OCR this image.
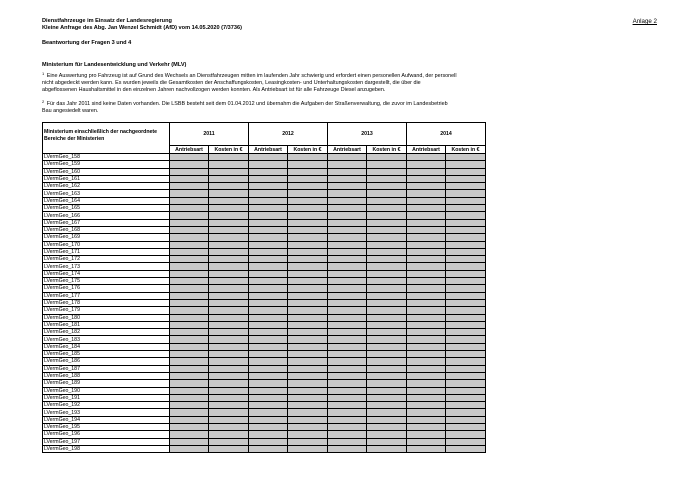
Dienstfahrzeuge im Einsatz der Landesregierung
Kleine Anfrage des Abg. Jan Wenzel Schmidt (AfD) vom 14.05.2020 (7/3736)
Beantwortung der Fragen 3 und 4
Anlage 2
Ministerium für Landesentwicklung und Verkehr (MLV)
$^1$ Eine Auswertung pro Fahrzeug ist auf Grund des Wechsels an Dienstfahrzeugen mitten im laufenden Jahr schwierig und erfordert einen personellen Aufwand, der personell
nicht abgedeckt werden kann. Es wurden jeweils die Gesamtkosten der Anschaffungskosten, Leasingkosten- und Unterhaltungskosten dargestellt, die über die
abgeflossenen Haushaltsmittel in den einzelnen Jahren nachvollzogen werden konnten. Als Antriebsart ist für alle Fahrzeuge Diesel anzugeben.
$^2$ Für das Jahr 2011 sind keine Daten vorhanden. Die LSBB besteht seit dem 01.04.2012 und übernahm die Aufgaben der Straßenverwaltung, die zuvor im Landesbetrieb
Bau angesiedelt waren.
Ministerium einschließlich der nachgeordnete Bereiche der Ministerien	2011		2012		2013		2014	
	Antriebsart	Kosten in €	Antriebsart	Kosten in €	Antriebsart	Kosten in €	Antriebsart	Kosten in €
LVermGeo_158								
LVermGeo_159								
LVermGeo_160								
LVermGeo_161								
LVermGeo_162								
LVermGeo_163								
LVermGeo_164								
LVermGeo_165								
LVermGeo_166								
LVermGeo_167								
LVermGeo_168								
LVermGeo_169								
LVermGeo_170								
LVermGeo_171								
LVermGeo_172								
LVermGeo_173								
LVermGeo_174								
LVermGeo_175								
LVermGeo_176								
LVermGeo_177								
LVermGeo_178								
LVermGeo_179								
LVermGeo_180								
LVermGeo_181								
LVermGeo_182								
LVermGeo_183								
LVermGeo_184								
LVermGeo_185								
LVermGeo_186								
LVermGeo_187								
LVermGeo_188								
LVermGeo_189								
LVermGeo_190								
LVermGeo_191								
LVermGeo_192								
LVermGeo_193								
LVermGeo_194								
LVermGeo_195								
LVermGeo_196								
LVermGeo_197								
LVermGeo_198								
